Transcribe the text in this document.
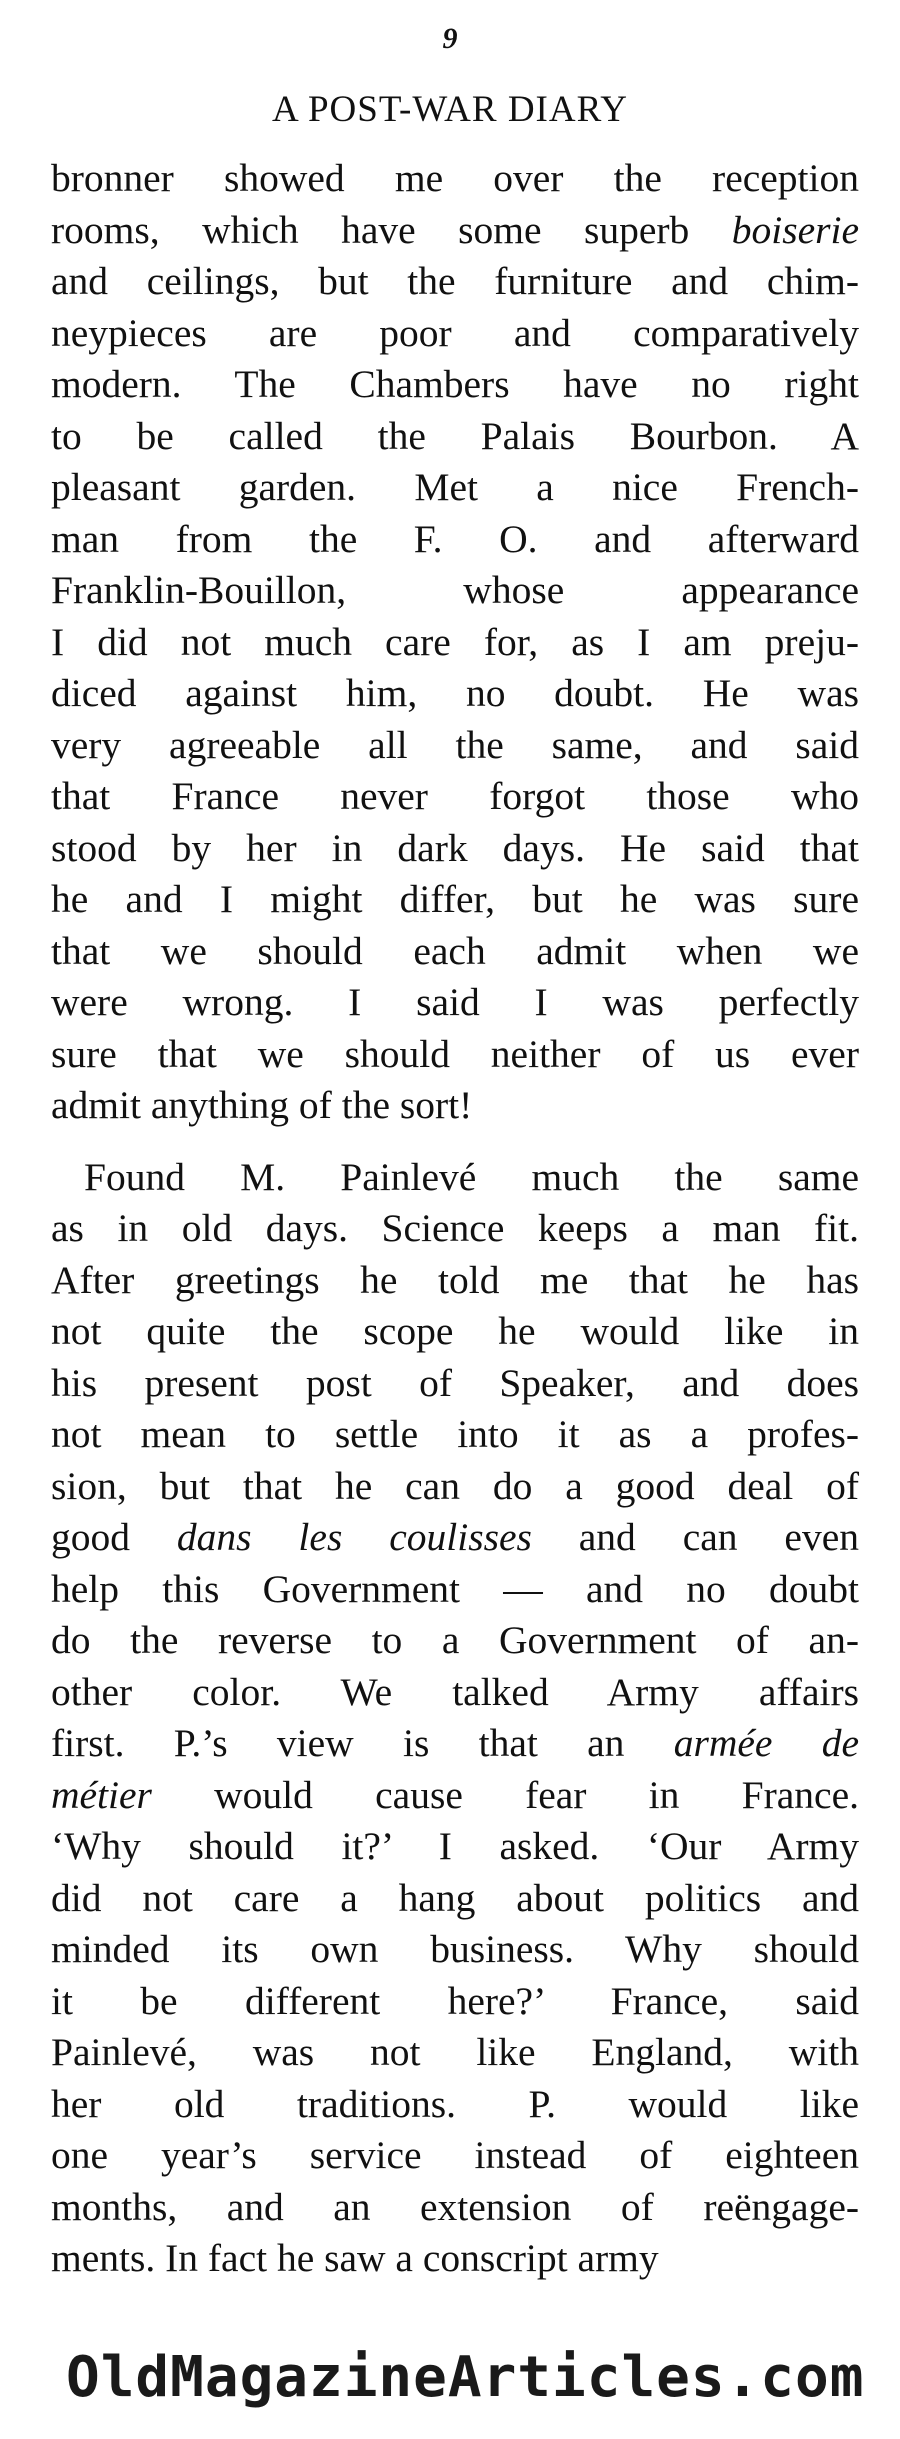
9
A POST-WAR DIARY
bronner showed me over the reception
rooms, which have some superb boiserie
and ceilings, but the furniture and chim-
neypieces are poor and comparatively
modern. The Chambers have no right
to be called the Palais Bourbon. A
pleasant garden. Met a nice French-
man from the F. O. and afterward
Franklin-Bouillon, whose appearance
I did not much care for, as I am preju-
diced against him, no doubt. He was
very agreeable all the same, and said
that France never forgot those who
stood by her in dark days. He said that
he and I might differ, but he was sure
that we should each admit when we
were wrong. I said I was perfectly
sure that we should neither of us ever
admit anything of the sort!
Found M. Painlevé much the same
as in old days. Science keeps a man fit.
After greetings he told me that he has
not quite the scope he would like in
his present post of Speaker, and does
not mean to settle into it as a profes-
sion, but that he can do a good deal of
good dans les coulisses and can even
help this Government — and no doubt
do the reverse to a Government of an-
other color. We talked Army affairs
first. P.’s view is that an armée de
métier would cause fear in France.
‘Why should it?’ I asked. ‘Our Army
did not care a hang about politics and
minded its own business. Why should
it be different here?’ France, said
Painlevé, was not like England, with
her old traditions. P. would like
one year’s service instead of eighteen
months, and an extension of reëngage-
ments. In fact he saw a conscript army
OldMagazineArticles.com
